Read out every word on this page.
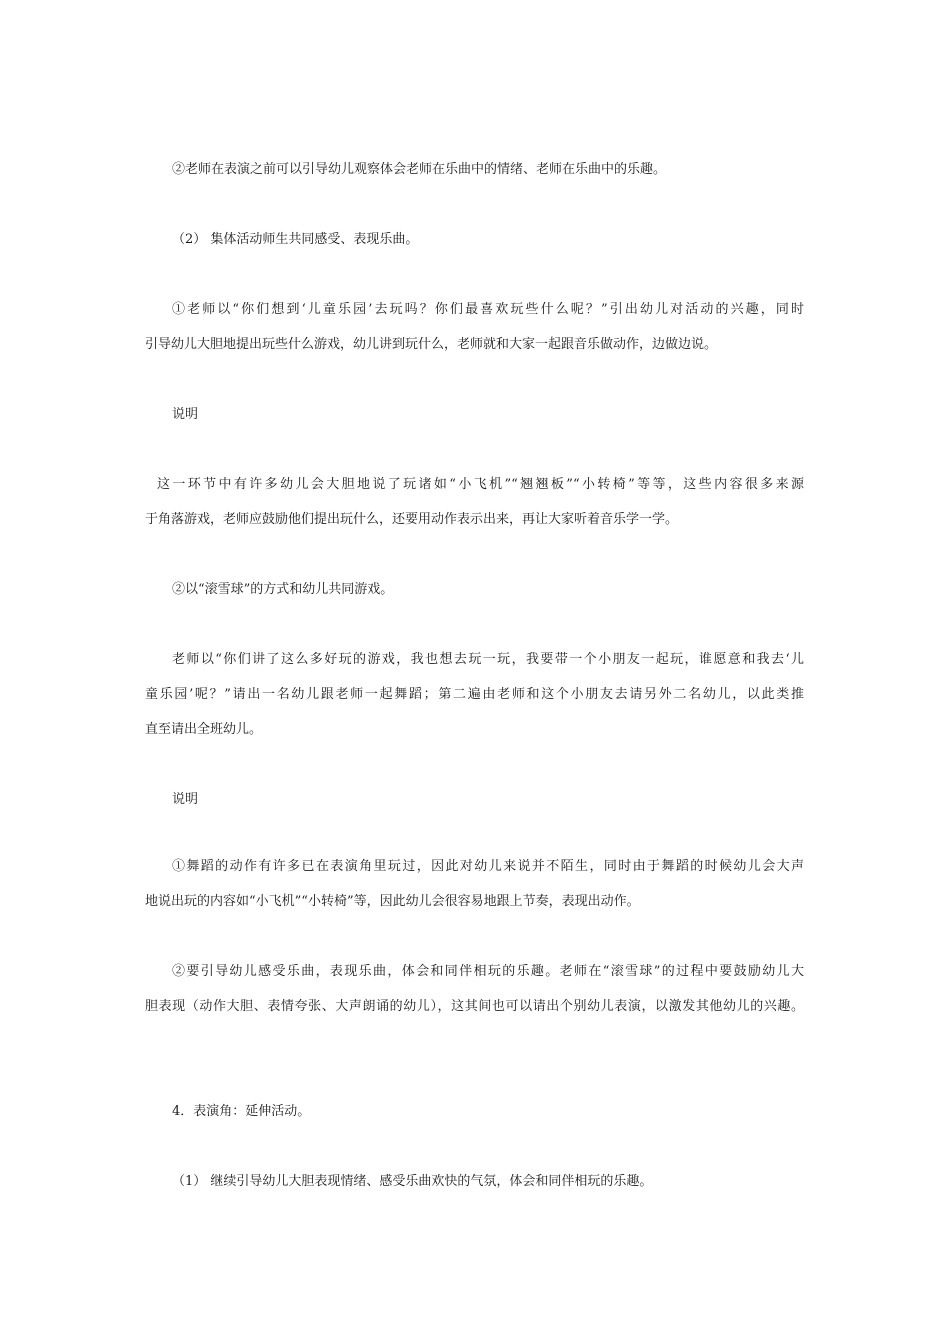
②老师在表演之前可以引导幼儿观察体会老师在乐曲中的情绪、老师在乐曲中的乐趣。
（2） 集体活动师生共同感受、表现乐曲。
①老师以“你们想到‘儿童乐园’去玩吗？你们最喜欢玩些什么呢？”引出幼儿对活动的兴趣，同时
引导幼儿大胆地提出玩些什么游戏，幼儿讲到玩什么，老师就和大家一起跟音乐做动作，边做边说。
说明
这一环节中有许多幼儿会大胆地说了玩诸如“小飞机”“翘翘板”“小转椅”等等，这些内容很多来源
于角落游戏，老师应鼓励他们提出玩什么，还要用动作表示出来，再让大家听着音乐学一学。
②以“滚雪球”的方式和幼儿共同游戏。
老师以“你们讲了这么多好玩的游戏，我也想去玩一玩，我要带一个小朋友一起玩，谁愿意和我去‘儿
童乐园’呢？”请出一名幼儿跟老师一起舞蹈；第二遍由老师和这个小朋友去请另外二名幼儿，以此类推
直至请出全班幼儿。
说明
①舞蹈的动作有许多已在表演角里玩过，因此对幼儿来说并不陌生，同时由于舞蹈的时候幼儿会大声
地说出玩的内容如“小飞机”“小转椅”等，因此幼儿会很容易地跟上节奏，表现出动作。
②要引导幼儿感受乐曲，表现乐曲，体会和同伴相玩的乐趣。老师在“滚雪球”的过程中要鼓励幼儿大
胆表现（动作大胆、表情夸张、大声朗诵的幼儿），这其间也可以请出个别幼儿表演，以激发其他幼儿的兴趣。
4．表演角：延伸活动。
（1） 继续引导幼儿大胆表现情绪、感受乐曲欢快的气氛，体会和同伴相玩的乐趣。
